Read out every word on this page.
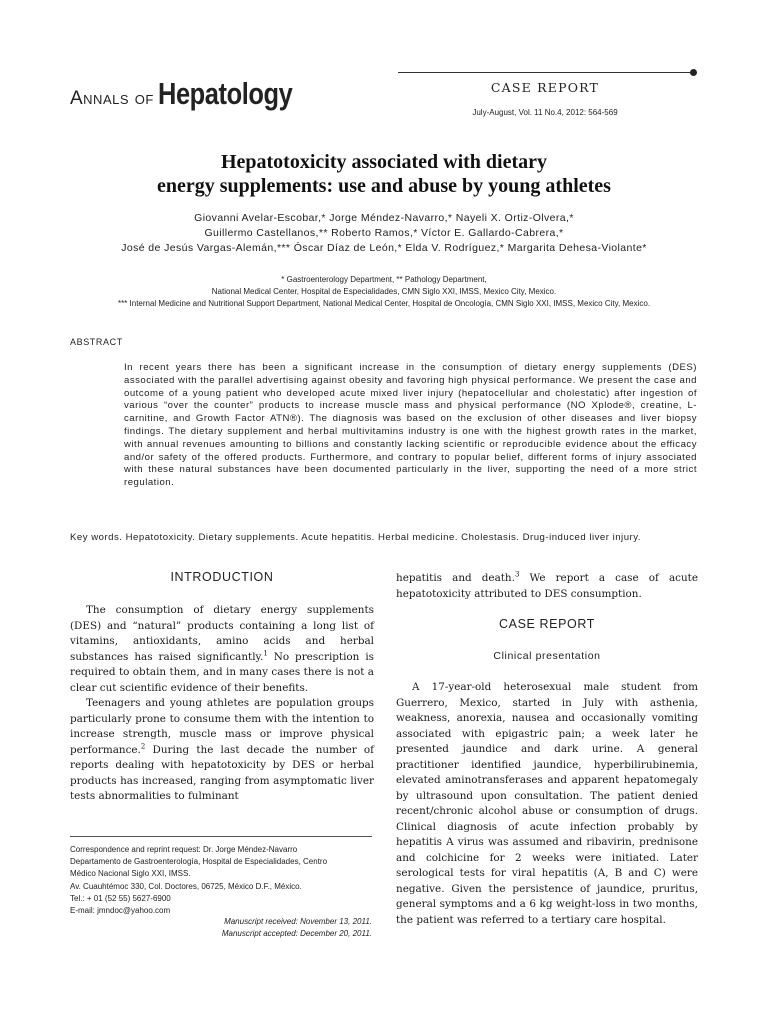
Annals of Hepatology	CASE REPORT
July-August, Vol. 11 No.4, 2012: 564-569
Hepatotoxicity associated with dietary
energy supplements: use and abuse by young athletes
Giovanni Avelar-Escobar,* Jorge Méndez-Navarro,* Nayeli X. Ortiz-Olvera,*
Guillermo Castellanos,** Roberto Ramos,* Víctor E. Gallardo-Cabrera,*
José de Jesús Vargas-Alemán,*** Óscar Díaz de León,* Elda V. Rodríguez,* Margarita Dehesa-Violante*
* Gastroenterology Department, ** Pathology Department,
National Medical Center, Hospital de Especialidades, CMN Siglo XXI, IMSS, Mexico City, Mexico.
*** Internal Medicine and Nutritional Support Department, National Medical Center, Hospital de Oncología, CMN Siglo XXI, IMSS, Mexico City, Mexico.
ABSTRACT
In recent years there has been a significant increase in the consumption of dietary energy supplements (DES) associated with the parallel advertising against obesity and favoring high physical performance. We present the case and outcome of a young patient who developed acute mixed liver injury (hepatocellular and cholestatic) after ingestion of various “over the counter” products to increase muscle mass and physical performance (NO Xplode®, creatine, L-carnitine, and Growth Factor ATN®). The diagnosis was based on the exclusion of other diseases and liver biopsy findings. The dietary supplement and herbal multivitamins industry is one with the highest growth rates in the market, with annual revenues amounting to billions and constantly lacking scientific or reproducible evidence about the efficacy and/or safety of the offered products. Furthermore, and contrary to popular belief, different forms of injury associated with these natural substances have been documented particularly in the liver, supporting the need of a more strict regulation.
Key words. Hepatotoxicity. Dietary supplements. Acute hepatitis. Herbal medicine. Cholestasis. Drug-induced liver injury.
INTRODUCTION

The consumption of dietary energy supplements (DES) and “natural” products containing a long list of vitamins, antioxidants, amino acids and herbal substances has raised significantly.$^1$ No prescription is required to obtain them, and in many cases there is not a clear cut scientific evidence of their benefits.

Teenagers and young athletes are population groups particularly prone to consume them with the intention to increase strength, muscle mass or improve physical performance.$^2$ During the last decade the number of reports dealing with hepatotoxicity by DES or herbal products has increased, ranging from asymptomatic liver tests abnormalities to fulminant

Correspondence and reprint request: Dr. Jorge Méndez-Navarro
Departamento de Gastroenterología, Hospital de Especialidades, Centro
Médico Nacional Siglo XXI, IMSS.
Av. Cuauhtémoc 330, Col. Doctores, 06725, México D.F., México.
Tel.: + 01 (52 55) 5627-6900
E-mail: jmndoc@yahoo.com
Manuscript received: November 13, 2011.
Manuscript accepted: December 20, 2011.
hepatitis and death.$^3$ We report a case of acute hepatotoxicity attributed to DES consumption.
CASE REPORT
Clinical presentation

A 17-year-old heterosexual male student from Guerrero, Mexico, started in July with asthenia, weakness, anorexia, nausea and occasionally vomiting associated with epigastric pain; a week later he presented jaundice and dark urine. A general practitioner identified jaundice, hyperbilirubinemia, elevated aminotransferases and apparent hepatomegaly by ultrasound upon consultation. The patient denied recent/chronic alcohol abuse or consumption of drugs. Clinical diagnosis of acute infection probably by hepatitis A virus was assumed and ribavirin, prednisone and colchicine for 2 weeks were initiated. Later serological tests for viral hepatitis (A, B and C) were negative. Given the persistence of jaundice, pruritus, general symptoms and a 6 kg weight-loss in two months, the patient was referred to a tertiary care hospital.
